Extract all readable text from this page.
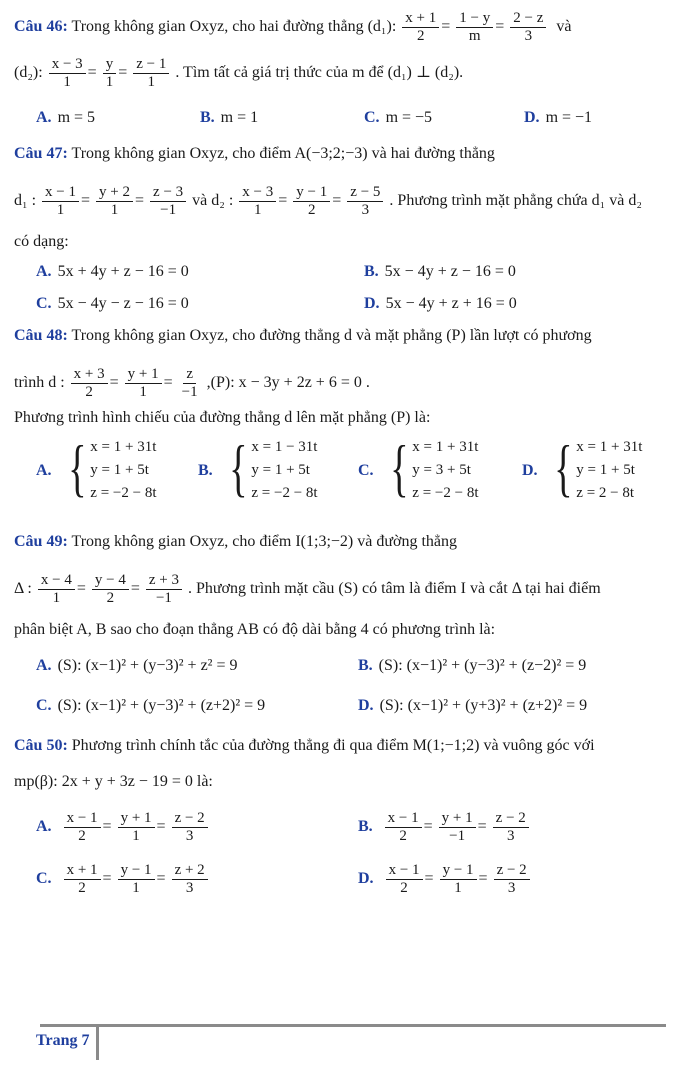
Câu 46: Trong không gian Oxyz, cho hai đường thẳng (d₁): $\frac{x + 1}{2} = \frac{1 - y}{m} = \frac{2 - z}{3}$ và
(d₂): $\frac{x - 3}{1} = \frac{y}{1} = \frac{z - 1}{1}$ . Tìm tất cả giá trị thức của m để (d₁) ⊥ (d₂).
A. m = 5	B. m = 1	C. m = −5	D. m = −1
Câu 47: Trong không gian Oxyz, cho điểm A(−3;2;−3) và hai đường thẳng
d₁ : $\frac{x - 1}{1} = \frac{y + 2}{1} = \frac{z - 3}{-1}$ và d₂ : $\frac{x - 3}{1} = \frac{y - 1}{2} = \frac{z - 5}{3}$ . Phương trình mặt phẳng chứa d₁ và d₂
có dạng:
A. 5x + 4y + z − 16 = 0	B. 5x − 4y + z − 16 = 0
C. 5x − 4y − z − 16 = 0	D. 5x − 4y + z + 16 = 0
Câu 48: Trong không gian Oxyz, cho đường thẳng d và mặt phẳng (P) lần lượt có phương
trình d : $\frac{x + 3}{2} = \frac{y + 1}{1} = \frac{z}{-1} ,(P)$: x − 3y + 2z + 6 = 0 .
Phương trình hình chiếu của đường thẳng d lên mặt phẳng (P) là:
A. { x = 1 + 31t
y = 1 + 5t
z = −2 − 8t
B. { x = 1 − 31t
y = 1 + 5t
z = −2 − 8t
C. { x = 1 + 31t
y = 3 + 5t
z = −2 − 8t
D. { x = 1 + 31t
y = 1 + 5t
z = 2 − 8t
Câu 49: Trong không gian Oxyz, cho điểm I(1;3;−2) và đường thẳng
Δ : $\frac{x - 4}{1} = \frac{y - 4}{2} = \frac{z + 3}{-1}$ . Phương trình mặt cầu (S) có tâm là điểm I và cắt Δ tại hai điểm
phân biệt A, B sao cho đoạn thẳng AB có độ dài bằng 4 có phương trình là:
A. (S): (x−1)² + (y−3)² + z² = 9	B. (S): (x−1)² + (y−3)² + (z−2)² = 9
C. (S): (x−1)² + (y−3)² + (z+2)² = 9	D. (S): (x−1)² + (y+3)² + (z+2)² = 9
Câu 50: Phương trình chính tắc của đường thẳng đi qua điểm M(1;−1;2) và vuông góc với
mp(β): 2x + y + 3z − 19 = 0 là:
A. $\frac{x - 1}{2} = \frac{y + 1}{1} = \frac{z - 2}{3}$	B. $\frac{x - 1}{2} = \frac{y + 1}{-1} = \frac{z - 2}{3}$
C. $\frac{x + 1}{2} = \frac{y - 1}{1} = \frac{z + 2}{3}$	D. $\frac{x - 1}{2} = \frac{y - 1}{1} = \frac{z - 2}{3}$
Trang 7
